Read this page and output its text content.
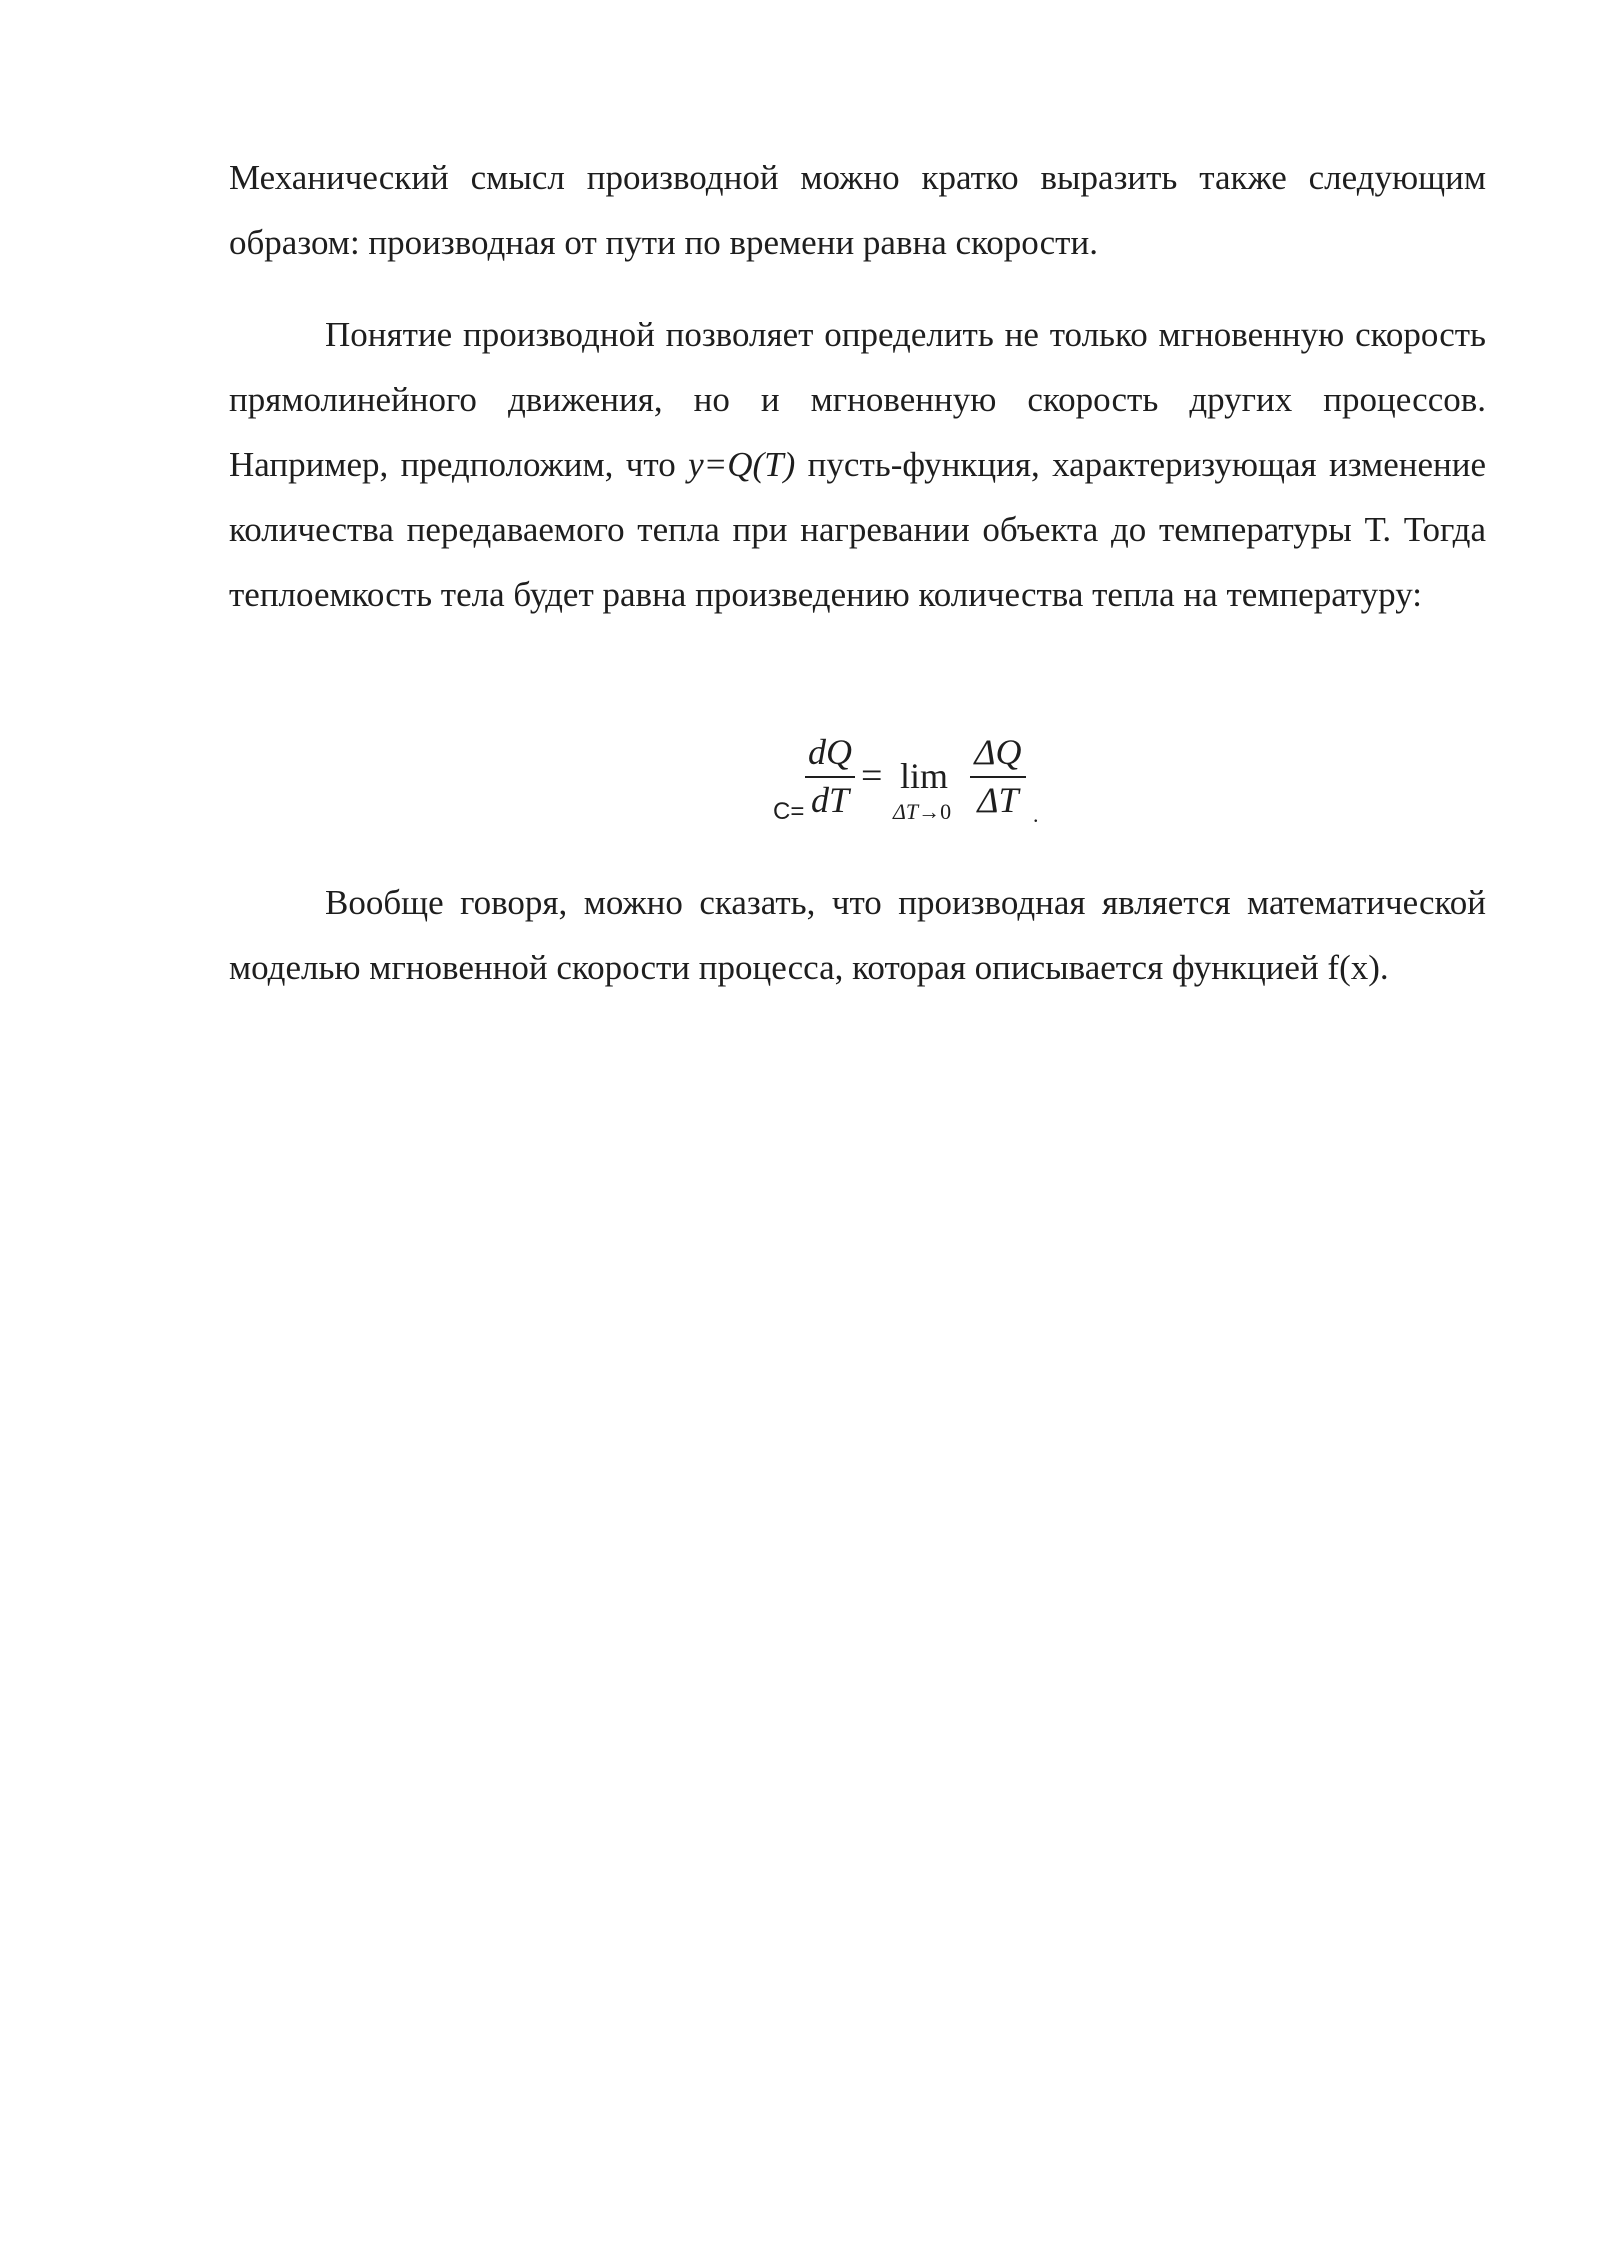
Механический смысл производной можно кратко выразить также следующим образом: производная от пути по времени равна скорости.

Понятие производной позволяет определить не только мгновенную скорость прямолинейного движения, но и мгновенную скорость других процессов. Например, предположим, что y=Q(T) пусть-функция, характеризующая изменение количества передаваемого тепла при нагревании объекта до температуры Т. Тогда теплоемкость тела будет равна произведению количества тепла на температуру:

C=
dQ
dT
= lim
ΔT→0
ΔQ
ΔT .

Вообще говоря, можно сказать, что производная является математической моделью мгновенной скорости процесса, которая описывается функцией f(x).
